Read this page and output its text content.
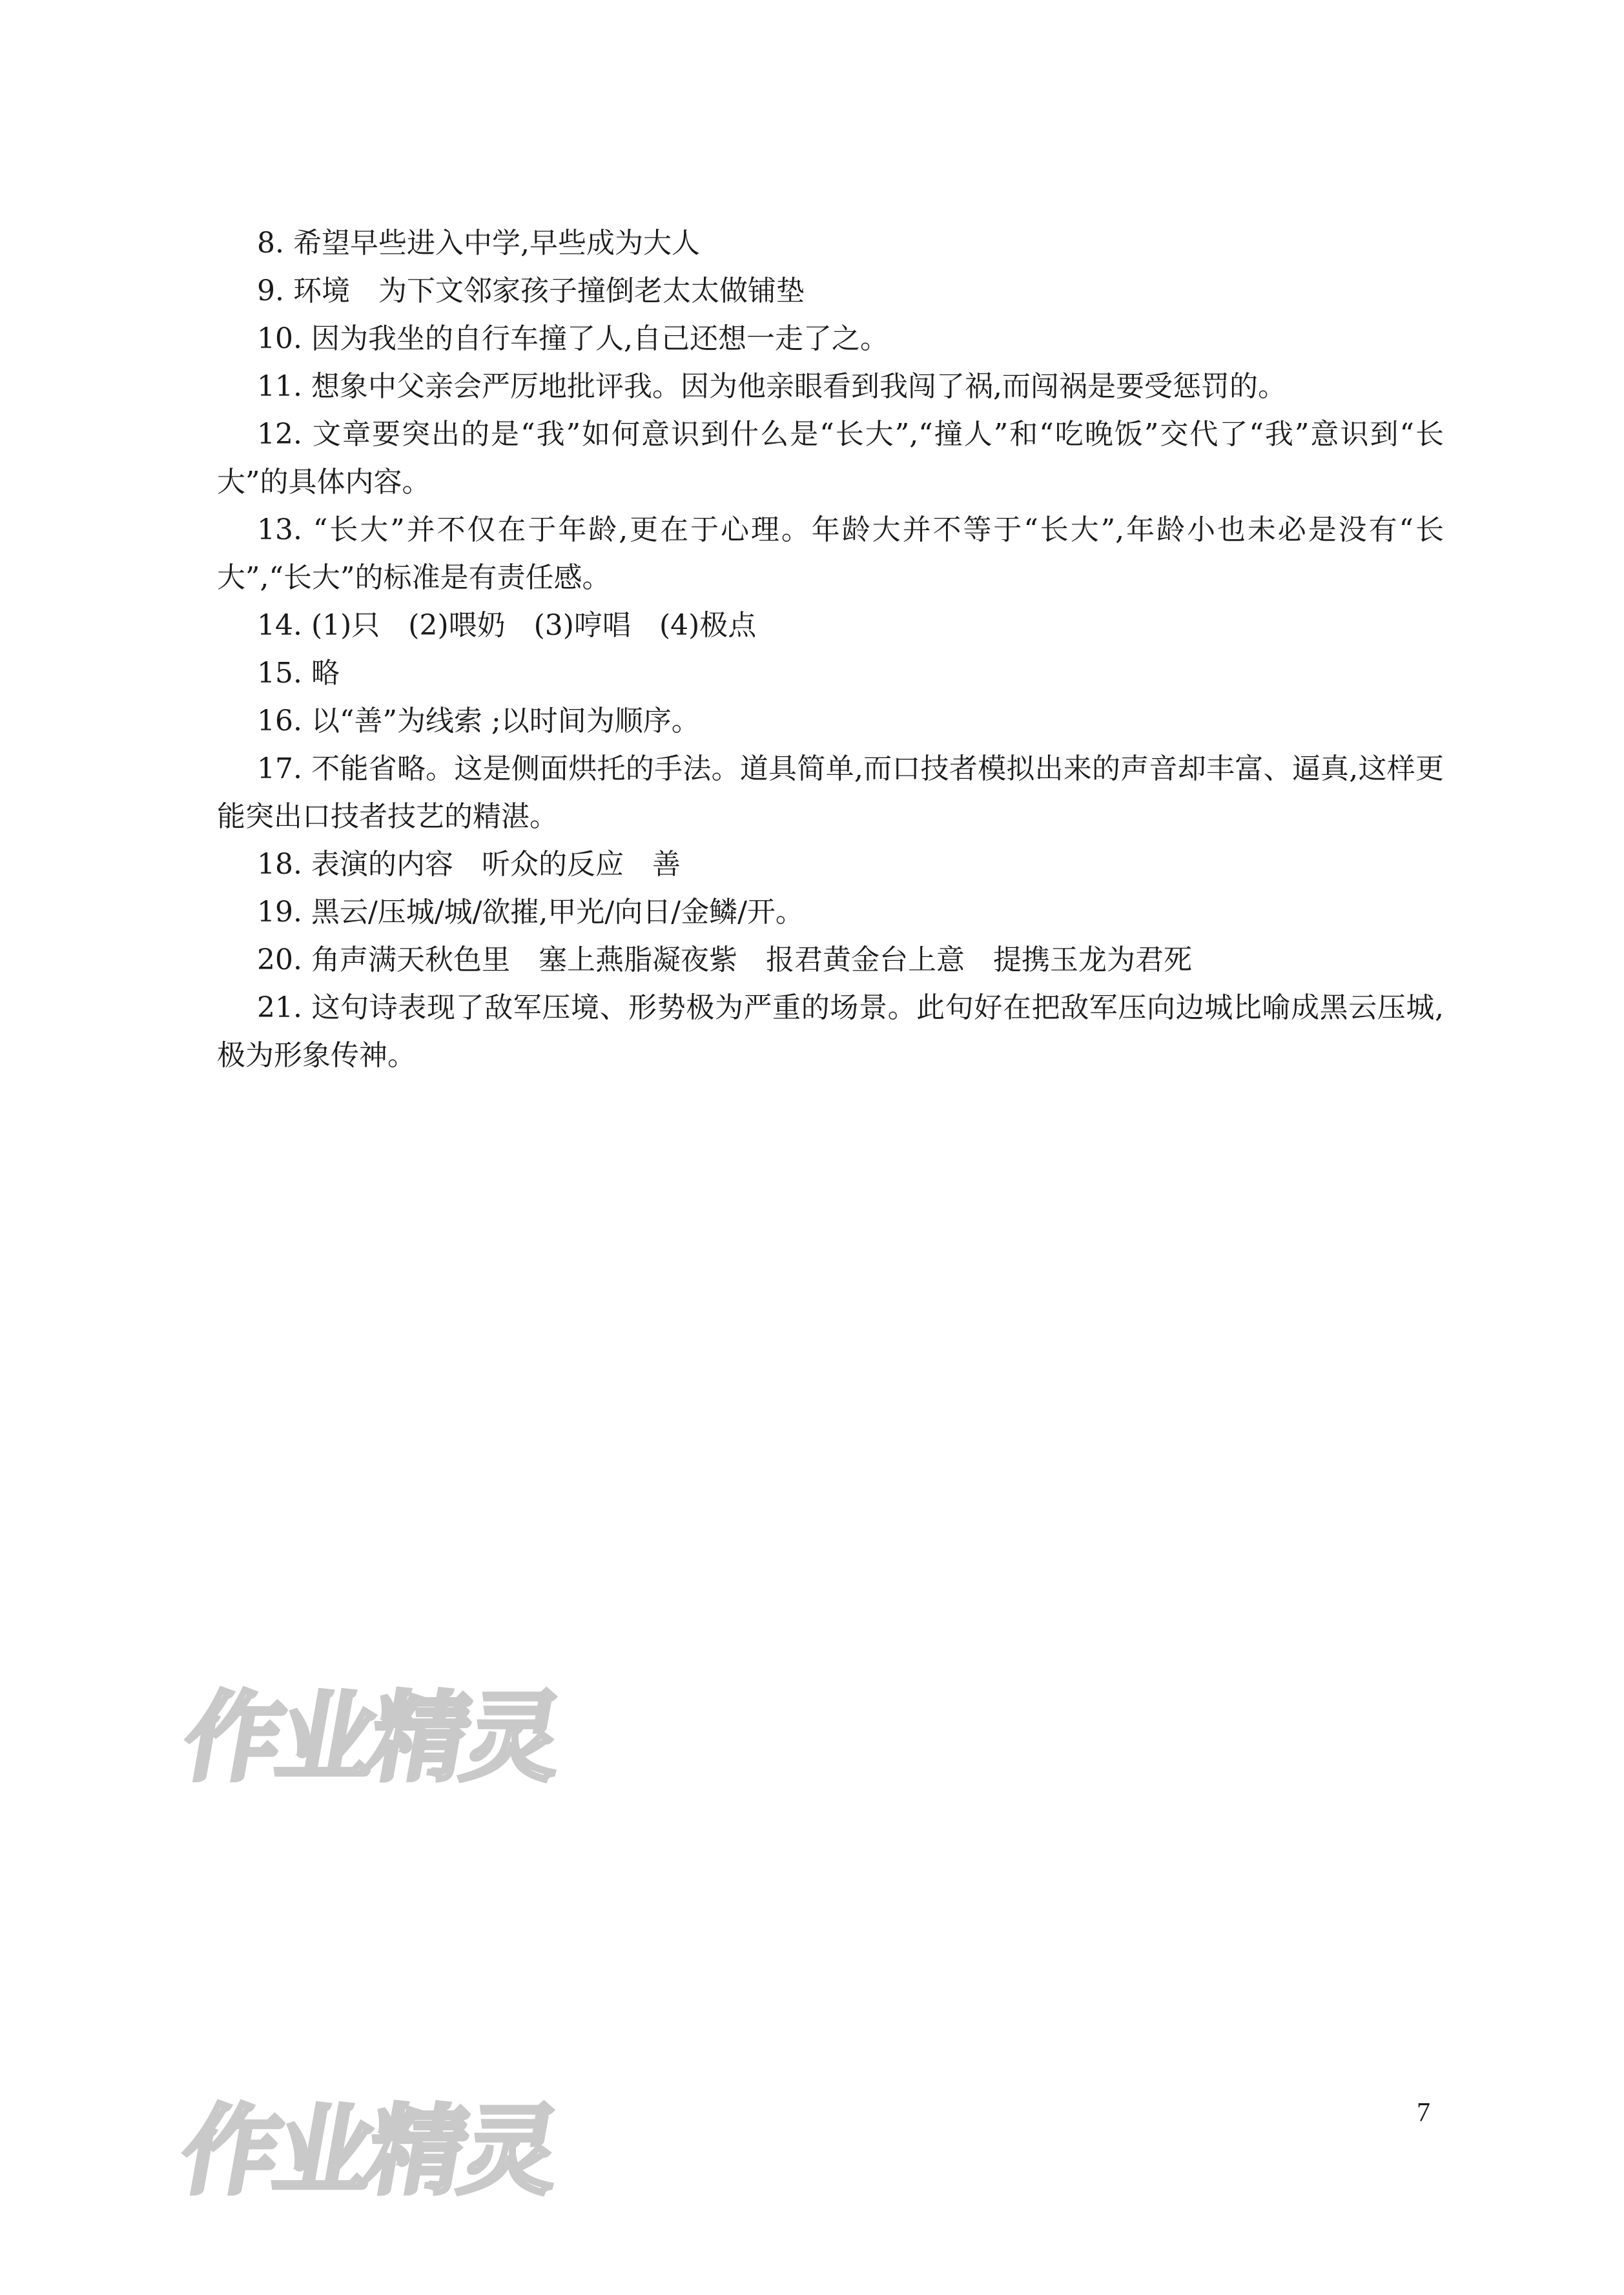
8. 希望早些进入中学,早些成为大人
9. 环境　为下文邻家孩子撞倒老太太做铺垫
10. 因为我坐的自行车撞了人,自己还想一走了之。
11. 想象中父亲会严厉地批评我。因为他亲眼看到我闯了祸,而闯祸是要受惩罚的。
12. 文章要突出的是“我”如何意识到什么是“长大”,“撞人”和“吃晚饭”交代了“我”意识到“长大”的具体内容。
13. “长大”并不仅在于年龄,更在于心理。年龄大并不等于“长大”,年龄小也未必是没有“长大”,“长大”的标准是有责任感。
14. (1)只　(2)喂奶　(3)哼唱　(4)极点
15. 略
16. 以“善”为线索 ;以时间为顺序。
17. 不能省略。这是侧面烘托的手法。道具简单,而口技者模拟出来的声音却丰富、逼真,这样更能突出口技者技艺的精湛。
18. 表演的内容　听众的反应　善
19. 黑云/压城/城/欲摧,甲光/向日/金鳞/开。
20. 角声满天秋色里　塞上燕脂凝夜紫　报君黄金台上意　提携玉龙为君死
21. 这句诗表现了敌军压境、形势极为严重的场景。此句好在把敌军压向边城比喻成黑云压城,极为形象传神。
作业精灵
作业精灵	7
